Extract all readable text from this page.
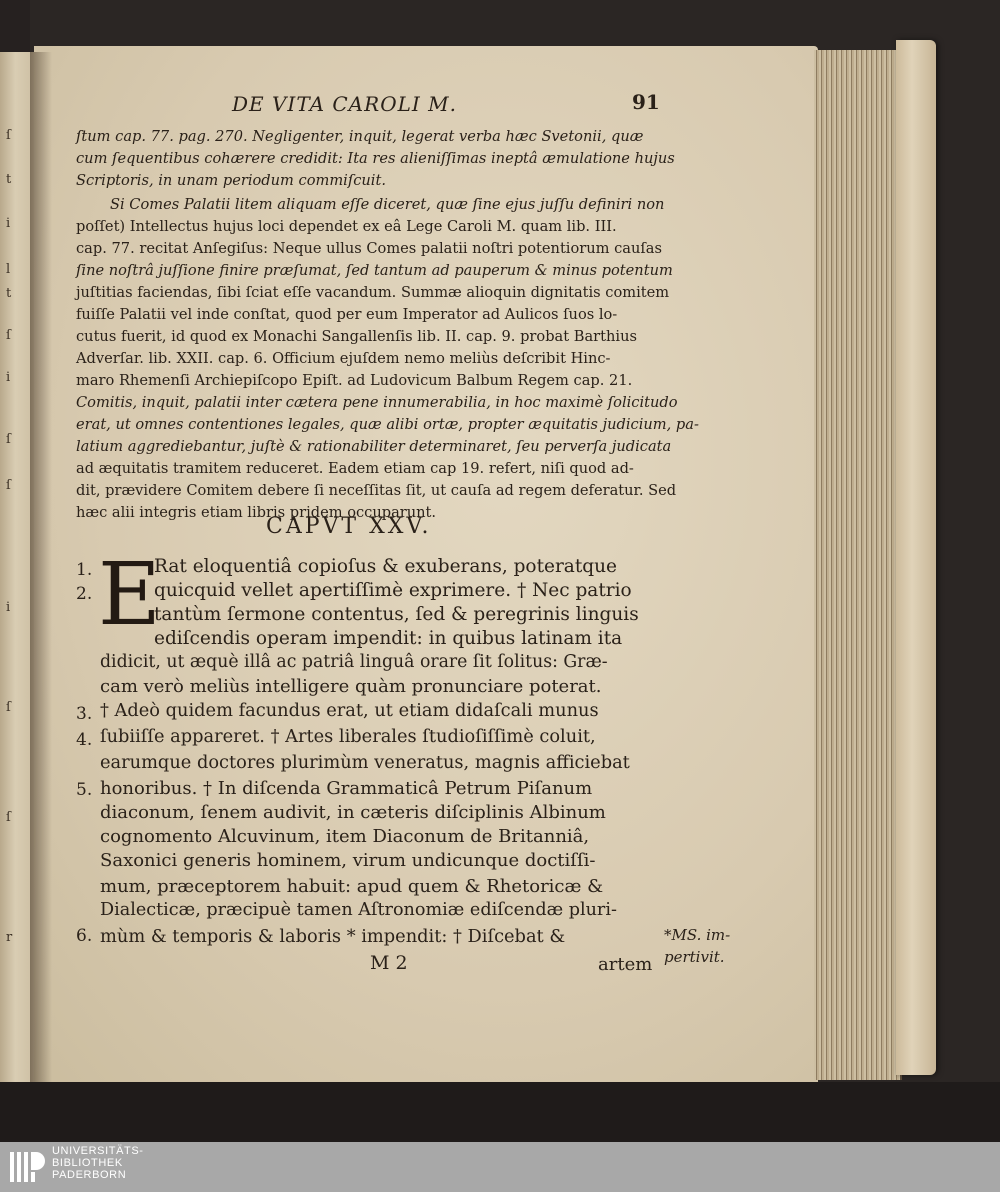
ſ
t
i
l
t
ſ
i
ſ
ſ
i
ſ
ſ
r
DE VITA CAROLI M.	91
ſtum cap. 77. pag. 270. Negligenter, inquit, legerat verba hæc Svetonii, quæ
cum ſequentibus cohærere credidit: Ita res alieniſſimas ineptâ æmulatione hujus
Scriptoris, in unam periodum commiſcuit.
Si Comes Palatii litem aliquam eſſe diceret, quæ ſine ejus juſſu definiri non
poſſet) Intellectus hujus loci dependet ex eâ Lege Caroli M. quam lib. III.
cap. 77. recitat Anſegiſus: Neque ullus Comes palatii noſtri potentiorum cauſas
ſine noſtrâ juſſione finire præſumat, ſed tantum ad pauperum & minus potentum
juſtitias faciendas, ſibi ſciat eſſe vacandum. Summæ alioquin dignitatis comitem
fuiſſe Palatii vel inde conſtat, quod per eum Imperator ad Aulicos ſuos lo-
cutus fuerit, id quod ex Monachi Sangallenſis lib. II. cap. 9. probat Barthius
Adverſar. lib. XXII. cap. 6. Officium ejuſdem nemo meliùs deſcribit Hinc-
maro Rhemenſi Archiepiſcopo Epiſt. ad Ludovicum Balbum Regem cap. 21.
Comitis, inquit, palatii inter cætera pene innumerabilia, in hoc maximè ſolicitudo
erat, ut omnes contentiones legales, quæ alibi ortæ, propter æquitatis judicium, pa-
latium aggrediebantur, juſtè & rationabiliter determinaret, ſeu perverſa judicata
ad æquitatis tramitem reduceret. Eadem etiam cap 19. refert, niſi quod ad-
dit, prævidere Comitem debere ſi neceſſitas ſit, ut cauſa ad regem deferatur. Sed
hæc alii integris etiam libris pridem occuparunt.
CAPVT XXV.
E
1.
2.
3.
4.
5.
6.
Rat eloquentiâ copioſus & exuberans, poteratque
quicquid vellet apertiſſimè exprimere. † Nec patrio
tantùm ſermone contentus, ſed & peregrinis linguis
ediſcendis operam impendit: in quibus latinam ita
didicit, ut æquè illâ ac patriâ linguâ orare ſit ſolitus: Græ-
cam verò meliùs intelligere quàm pronunciare poterat.
† Adeò quidem facundus erat, ut etiam didaſcali munus
ſubiiſſe appareret. † Artes liberales ſtudioſiſſimè coluit,
earumque doctores plurimùm veneratus, magnis afficiebat
honoribus. † In diſcenda Grammaticâ Petrum Piſanum
diaconum, ſenem audivit, in cæteris diſciplinis Albinum
cognomento Alcuvinum, item Diaconum de Britanniâ,
Saxonici generis hominem, virum undicunque doctiſſi-
mum, præceptorem habuit: apud quem & Rhetoricæ &
Dialecticæ, præcipuè tamen Aſtronomiæ ediſcendæ pluri-
mùm & temporis & laboris * impendit: † Diſcebat &	*MS. im-
pertivit.
M 2	artem
UNIVERSITÄTS-
BIBLIOTHEK
PADERBORN
